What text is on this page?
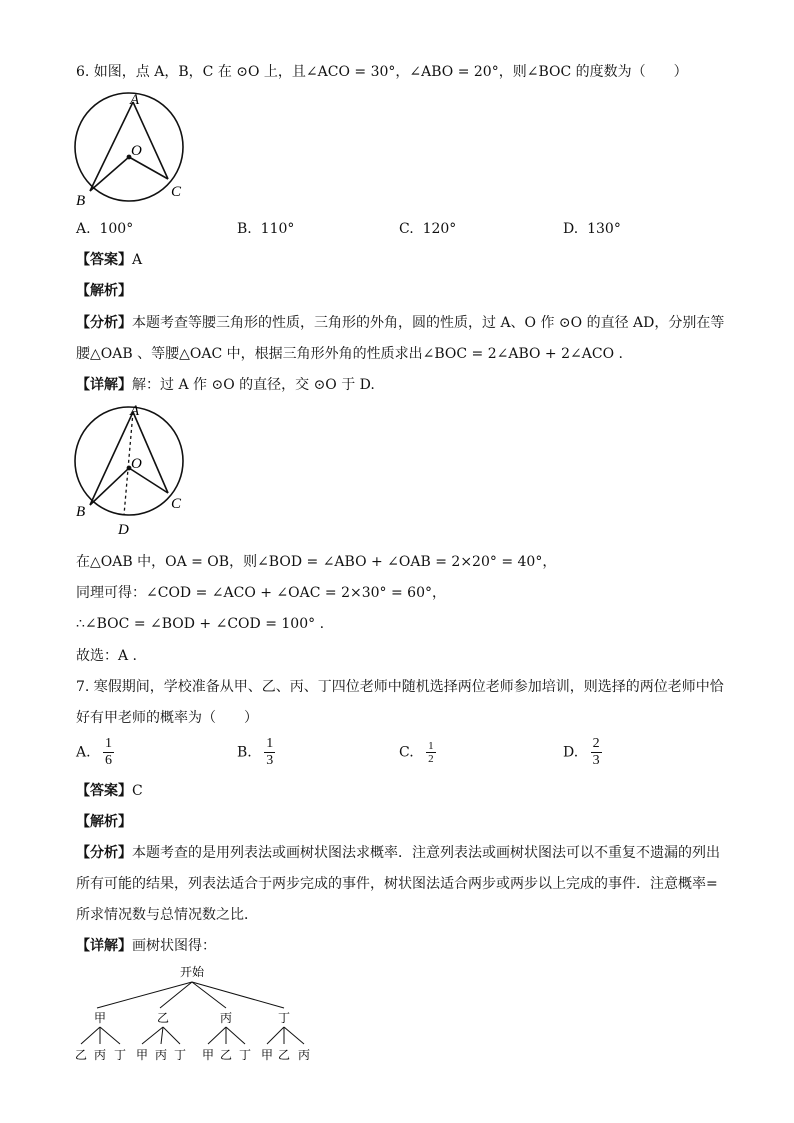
6. 如图，点 A，B，C 在 ⊙O 上，且∠ACO = 30°，∠ABO = 20°，则∠BOC 的度数为（　　）
A
O
B
C
A. 100°	B. 110°	C. 120°	D. 130°
【答案】A
【解析】
【分析】本题考查等腰三角形的性质，三角形的外角，圆的性质，过 A、O 作 ⊙O 的直径 AD，分别在等
腰△OAB 、等腰△OAC 中，根据三角形外角的性质求出∠BOC = 2∠ABO + 2∠ACO .
【详解】解：过 A 作 ⊙O 的直径，交 ⊙O 于 D.
A
O
B	C
D
在△OAB 中，OA = OB，则∠BOD = ∠ABO + ∠OAB = 2×20° = 40°，
同理可得：∠COD = ∠ACO + ∠OAC = 2×30° = 60°，
∴∠BOC = ∠BOD + ∠COD = 100° .
故选：A .
7. 寒假期间，学校准备从甲、乙、丙、丁四位老师中随机选择两位老师参加培训，则选择的两位老师中恰
好有甲老师的概率为（　　）
A. $\frac{1}{6}$	B. $\frac{1}{3}$	C. $\frac{1}{2}$	D. $\frac{2}{3}$
【答案】C
【解析】
【分析】本题考查的是用列表法或画树状图法求概率．注意列表法或画树状图法可以不重复不遗漏的列出
所有可能的结果，列表法适合于两步完成的事件，树状图法适合两步或两步以上完成的事件．注意概率=
所求情况数与总情况数之比．
【详解】画树状图得：
开始
甲	乙	丙	丁
乙 丙 丁 甲 丙 丁 甲 乙 丁 甲 乙 丙
